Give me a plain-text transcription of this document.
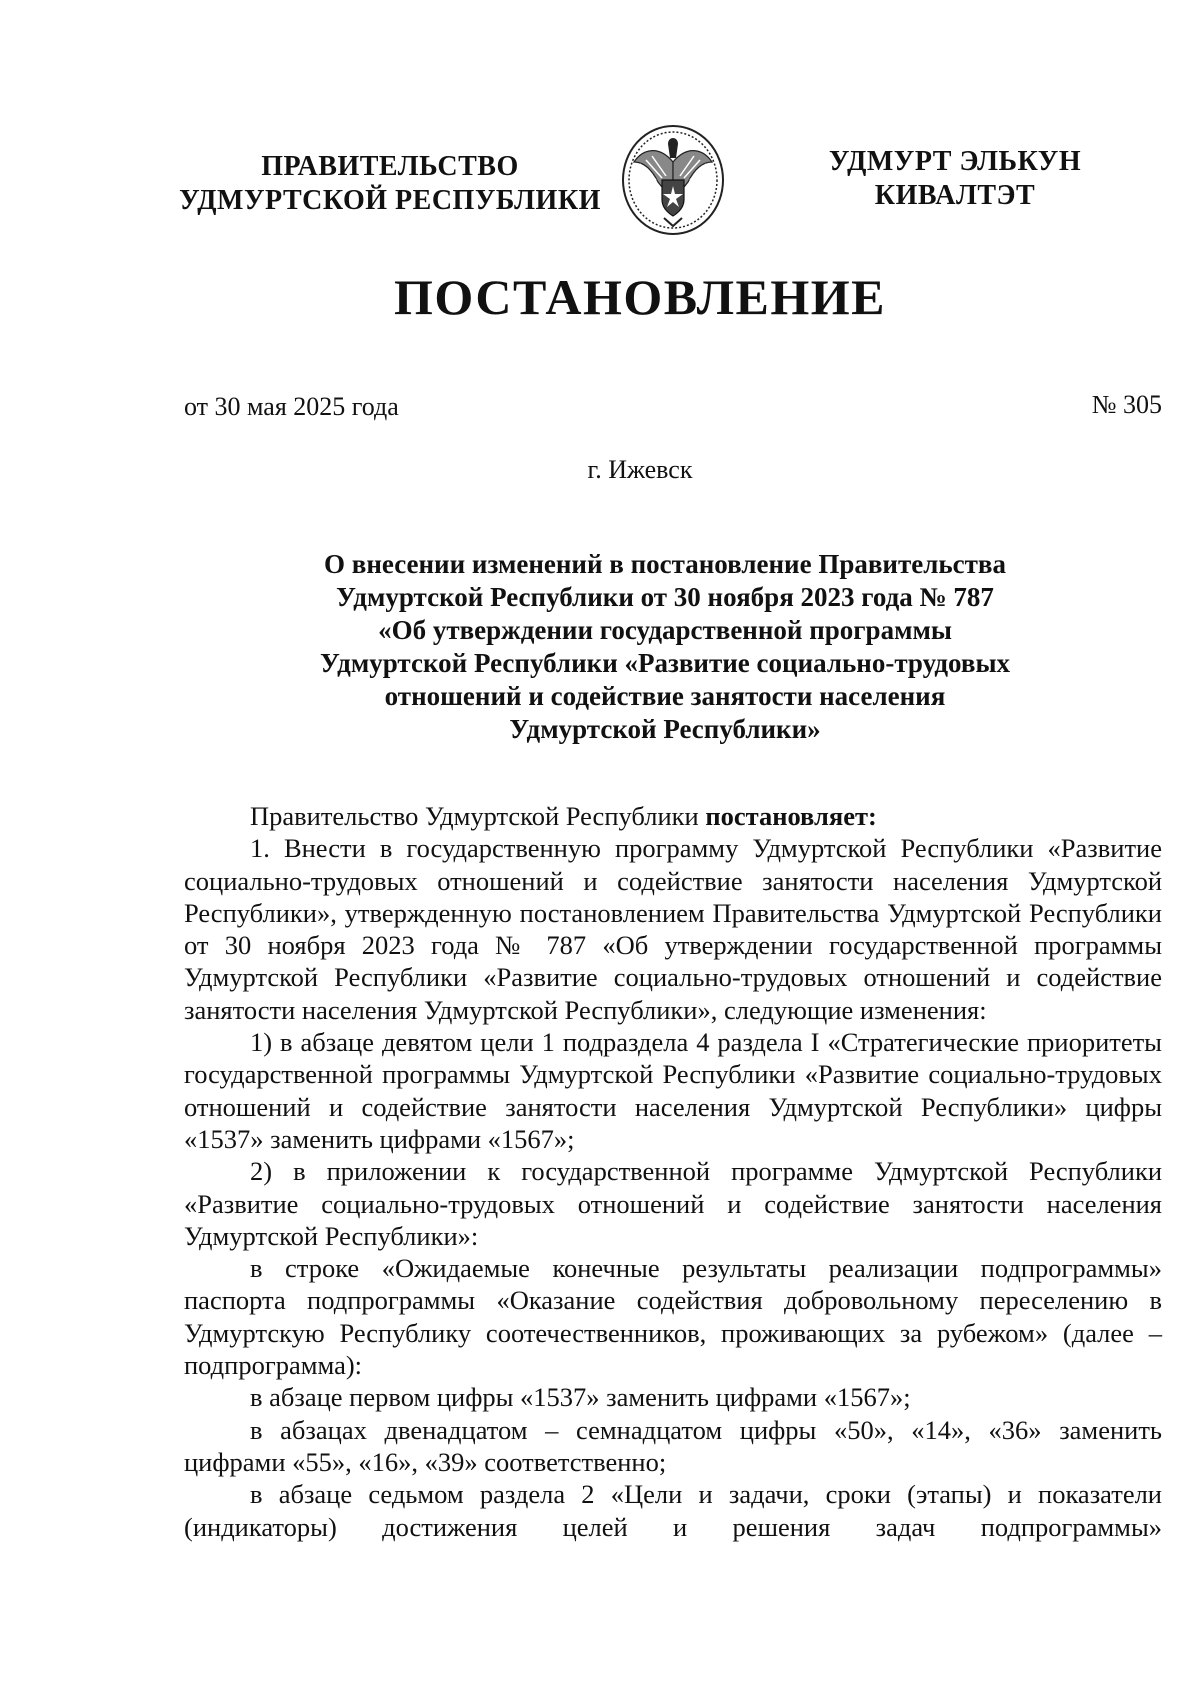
ПРАВИТЕЛЬСТВО
УДМУРТСКОЙ РЕСПУБЛИКИ
УДМУРТ ЭЛЬКУН
КИВАЛТЭТ
ПОСТАНОВЛЕНИЕ
от 30 мая 2025 года	№ 305
г. Ижевск
О внесении изменений в постановление Правительства
Удмуртской Республики от 30 ноября 2023 года № 787
«Об утверждении государственной программы
Удмуртской Республики «Развитие социально-трудовых
отношений и содействие занятости населения
Удмуртской Республики»

Правительство Удмуртской Республики постановляет:

1. Внести в государственную программу Удмуртской Республики «Развитие социально-трудовых отношений и содействие занятости населения Удмуртской Республики», утвержденную постановлением Правительства Удмуртской Республики от 30 ноября 2023 года № 787 «Об утверждении государственной программы Удмуртской Республики «Развитие социально-трудовых отношений и содействие занятости населения Удмуртской Республики», следующие изменения:

1) в абзаце девятом цели 1 подраздела 4 раздела I «Стратегические приоритеты государственной программы Удмуртской Республики «Развитие социально-трудовых отношений и содействие занятости населения Удмуртской Республики» цифры «1537» заменить цифрами «1567»;

2) в приложении к государственной программе Удмуртской Республики «Развитие социально-трудовых отношений и содействие занятости населения Удмуртской Республики»:

в строке «Ожидаемые конечные результаты реализации подпрограммы» паспорта подпрограммы «Оказание содействия добровольному переселению в Удмуртскую Республику соотечественников, проживающих за рубежом» (далее – подпрограмма):

в абзаце первом цифры «1537» заменить цифрами «1567»;

в абзацах двенадцатом – семнадцатом цифры «50», «14», «36» заменить цифрами «55», «16», «39» соответственно;

в абзаце седьмом раздела 2 «Цели и задачи, сроки (этапы) и показатели (индикаторы) достижения целей и решения задач подпрограммы»
